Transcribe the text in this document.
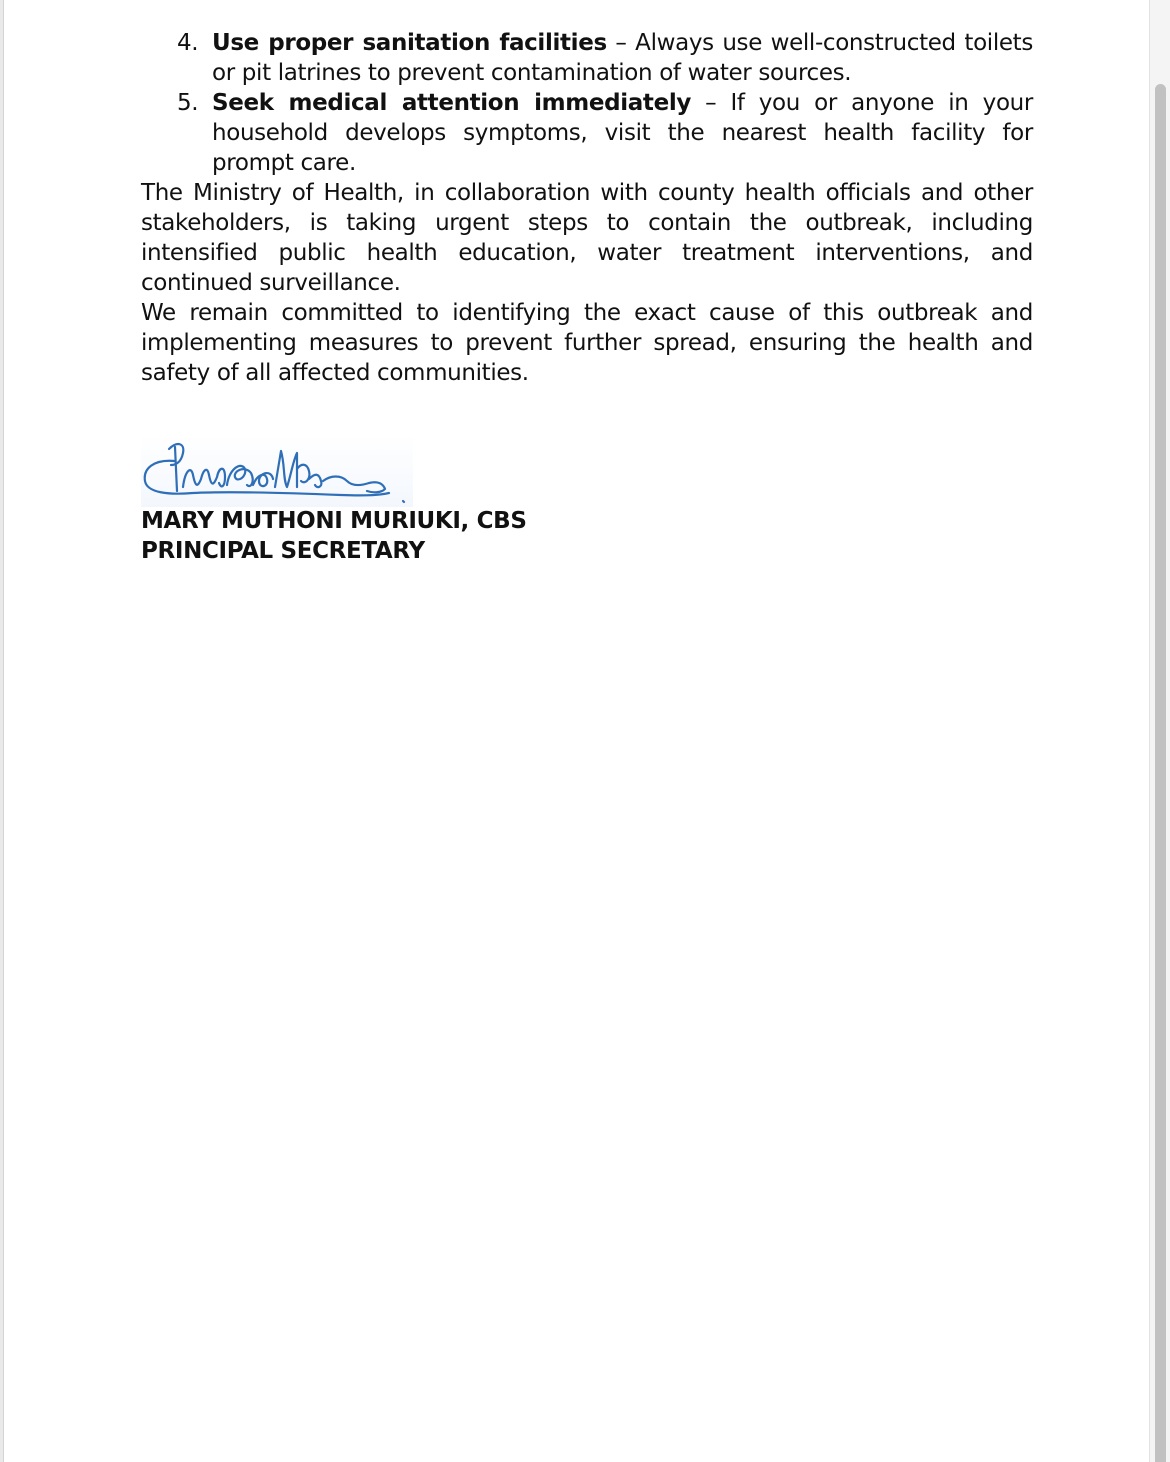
4. Use proper sanitation facilities – Always use well-constructed toilets or pit latrines to prevent contamination of water sources.
5. Seek medical attention immediately – If you or anyone in your household develops symptoms, visit the nearest health facility for prompt care.

The Ministry of Health, in collaboration with county health officials and other stakeholders, is taking urgent steps to contain the outbreak, including intensified public health education, water treatment interventions, and continued surveillance.

We remain committed to identifying the exact cause of this outbreak and implementing measures to prevent further spread, ensuring the health and safety of all affected communities.

MARY MUTHONI MURIUKI, CBS

PRINCIPAL SECRETARY
